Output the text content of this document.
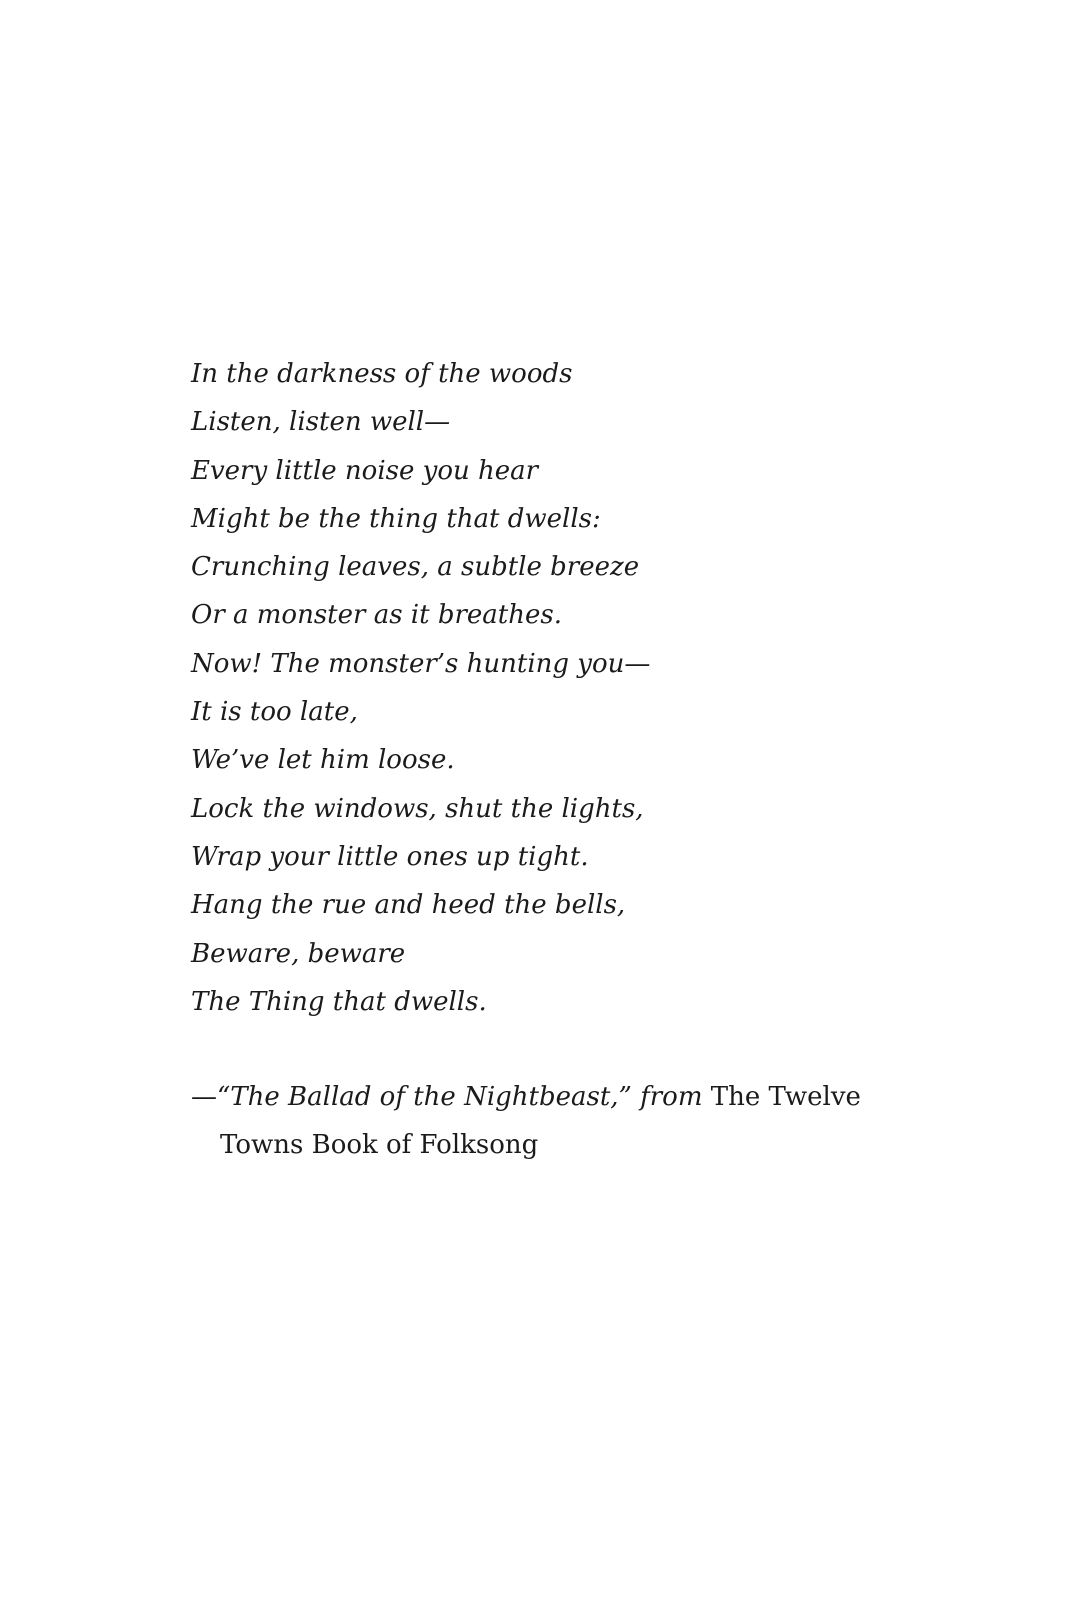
In the darkness of the woods
Listen, listen well—
Every little noise you hear
Might be the thing that dwells:
Crunching leaves, a subtle breeze
Or a monster as it breathes.
Now! The monster’s hunting you—
It is too late,
We’ve let him loose.
Lock the windows, shut the lights,
Wrap your little ones up tight.
Hang the rue and heed the bells,
Beware, beware
The Thing that dwells.
—“The Ballad of the Nightbeast,” from The Twelve
Towns Book of Folksong
